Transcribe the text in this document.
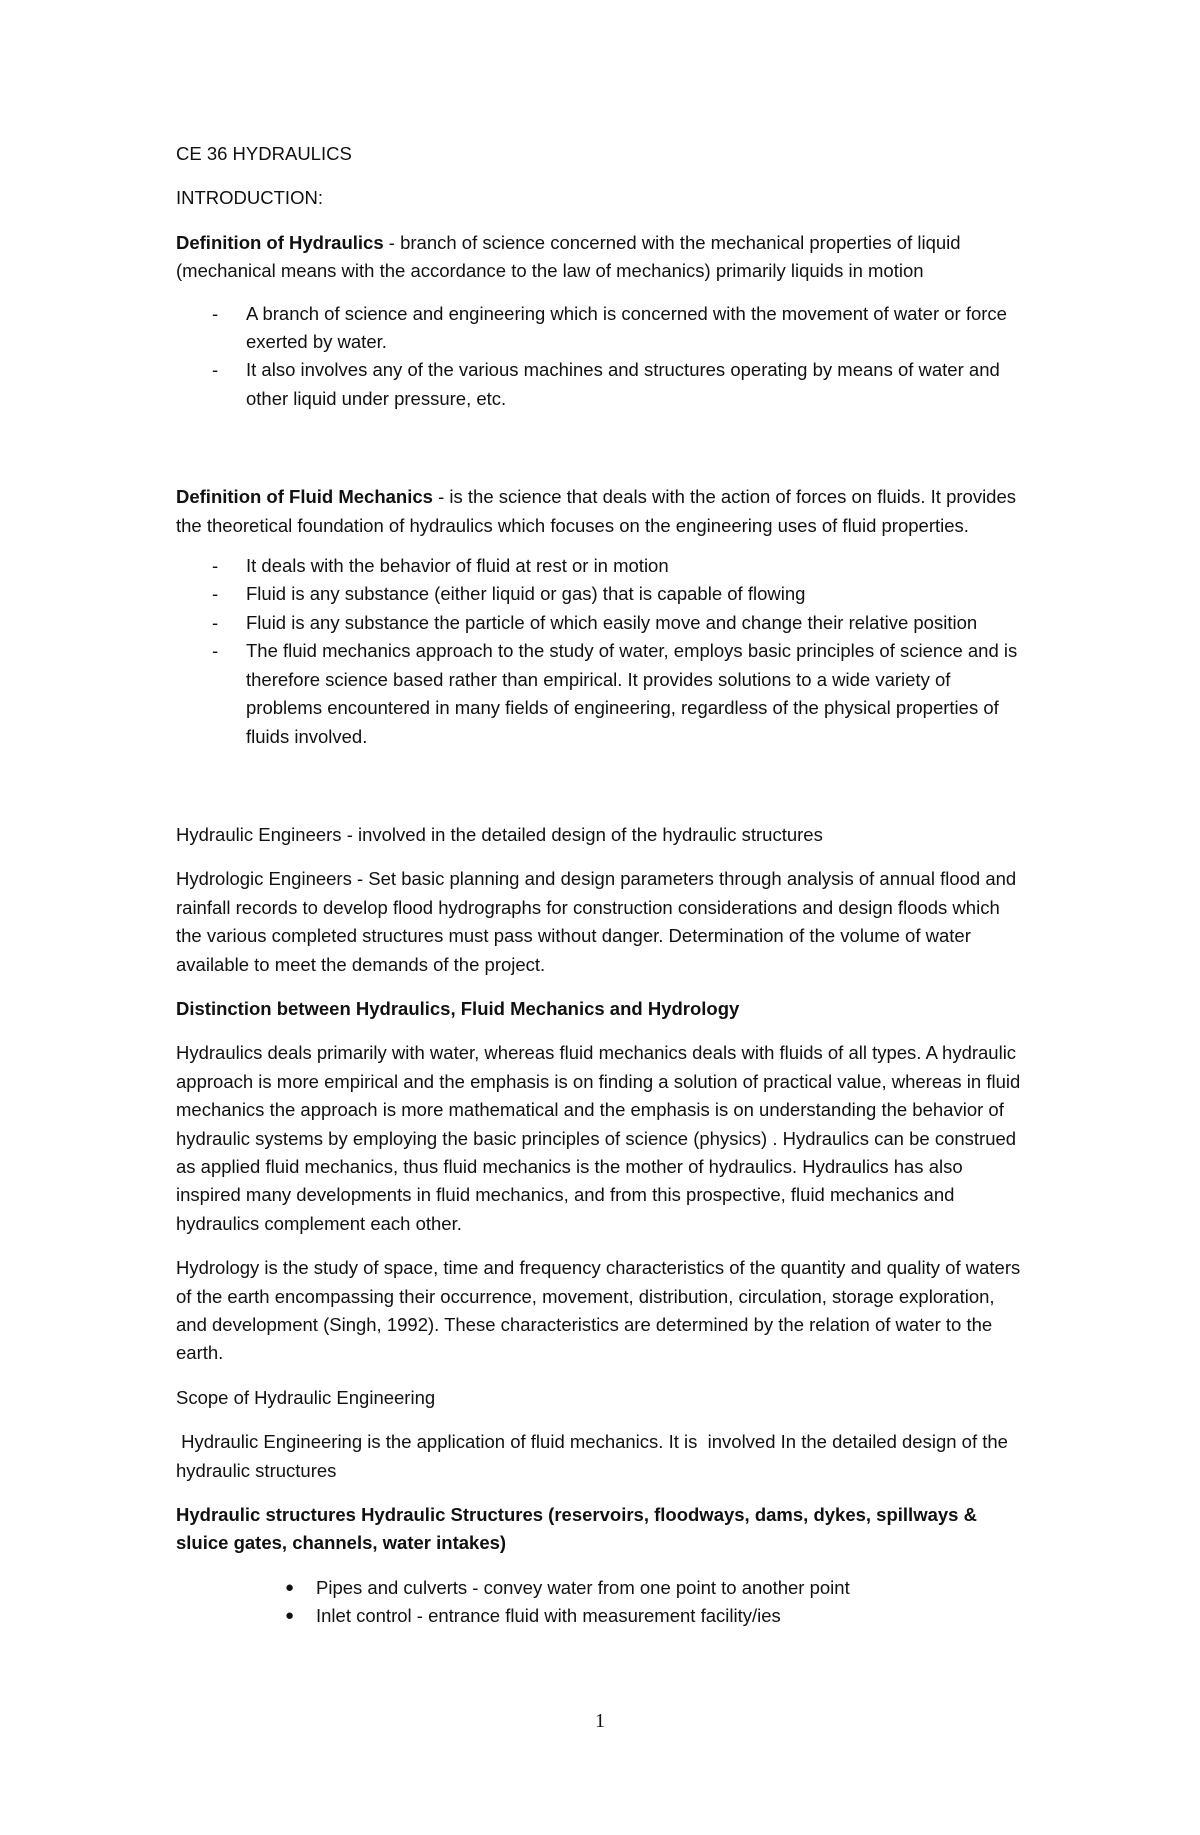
CE 36 HYDRAULICS

INTRODUCTION:

Definition of Hydraulics - branch of science concerned with the mechanical properties of liquid (mechanical means with the accordance to the law of mechanics) primarily liquids in motion

- A branch of science and engineering which is concerned with the movement of water or force exerted by water.
- It also involves any of the various machines and structures operating by means of water and other liquid under pressure, etc.

Definition of Fluid Mechanics - is the science that deals with the action of forces on fluids. It provides the theoretical foundation of hydraulics which focuses on the engineering uses of fluid properties.

- It deals with the behavior of fluid at rest or in motion
- Fluid is any substance (either liquid or gas) that is capable of flowing
- Fluid is any substance the particle of which easily move and change their relative position
- The fluid mechanics approach to the study of water, employs basic principles of science and is therefore science based rather than empirical. It provides solutions to a wide variety of problems encountered in many fields of engineering, regardless of the physical properties of fluids involved.

Hydraulic Engineers - involved in the detailed design of the hydraulic structures

Hydrologic Engineers - Set basic planning and design parameters through analysis of annual flood and rainfall records to develop flood hydrographs for construction considerations and design floods which the various completed structures must pass without danger. Determination of the volume of water available to meet the demands of the project.

Distinction between Hydraulics, Fluid Mechanics and Hydrology

Hydraulics deals primarily with water, whereas fluid mechanics deals with fluids of all types. A hydraulic approach is more empirical and the emphasis is on finding a solution of practical value, whereas in fluid mechanics the approach is more mathematical and the emphasis is on understanding the behavior of hydraulic systems by employing the basic principles of science (physics) . Hydraulics can be construed as applied fluid mechanics, thus fluid mechanics is the mother of hydraulics. Hydraulics has also inspired many developments in fluid mechanics, and from this prospective, fluid mechanics and hydraulics complement each other.

Hydrology is the study of space, time and frequency characteristics of the quantity and quality of waters of the earth encompassing their occurrence, movement, distribution, circulation, storage exploration, and development (Singh, 1992). These characteristics are determined by the relation of water to the earth.

Scope of Hydraulic Engineering

Hydraulic Engineering is the application of fluid mechanics. It is  involved In the detailed design of the hydraulic structures

Hydraulic structures Hydraulic Structures (reservoirs, floodways, dams, dykes, spillways & sluice gates, channels, water intakes)

● Pipes and culverts - convey water from one point to another point
● Inlet control - entrance fluid with measurement facility/ies
1
